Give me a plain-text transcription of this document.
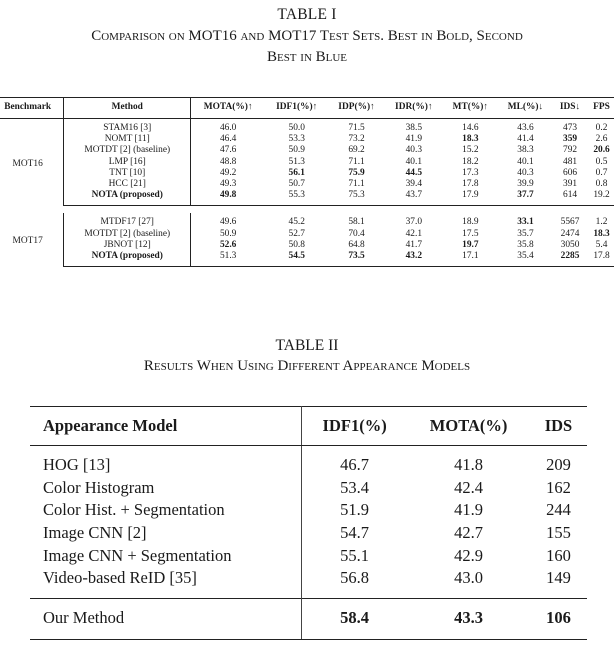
TABLE I
Comparison on MOT16 and MOT17 Test Sets. Best in Bold, Second
Best in Blue
Benchmark	Method	MOTA(%)↑	IDF1(%)↑	IDP(%)↑	IDR(%)↑	MT(%)↑	ML(%)↓	IDS↓	FPS
MOT16	STAM16 [3]	46.0	50.0	71.5	38.5	14.6	43.6	473	0.2
	NOMT [11]	46.4	53.3	73.2	41.9	18.3	41.4	359	2.6
	MOTDT [2] (baseline)	47.6	50.9	69.2	40.3	15.2	38.3	792	20.6
	LMP [16]	48.8	51.3	71.1	40.1	18.2	40.1	481	0.5
	TNT [10]	49.2	56.1	75.9	44.5	17.3	40.3	606	0.7
	HCC [21]	49.3	50.7	71.1	39.4	17.8	39.9	391	0.8
	NOTA (proposed)	49.8	55.3	75.3	43.7	17.9	37.7	614	19.2

MOT17	MTDF17 [27]	49.6	45.2	58.1	37.0	18.9	33.1	5567	1.2
	MOTDT [2] (baseline)	50.9	52.7	70.4	42.1	17.5	35.7	2474	18.3
	JBNOT [12]	52.6	50.8	64.8	41.7	19.7	35.8	3050	5.4
	NOTA (proposed)	51.3	54.5	73.5	43.2	17.1	35.4	2285	17.8
TABLE II
Results When Using Different Appearance Models
Appearance Model	IDF1(%)	MOTA(%)	IDS
HOG [13]	46.7	41.8	209
Color Histogram	53.4	42.4	162
Color Hist. + Segmentation	51.9	41.9	244
Image CNN [2]	54.7	42.7	155
Image CNN + Segmentation	55.1	42.9	160
Video-based ReID [35]	56.8	43.0	149
Our Method	58.4	43.3	106
